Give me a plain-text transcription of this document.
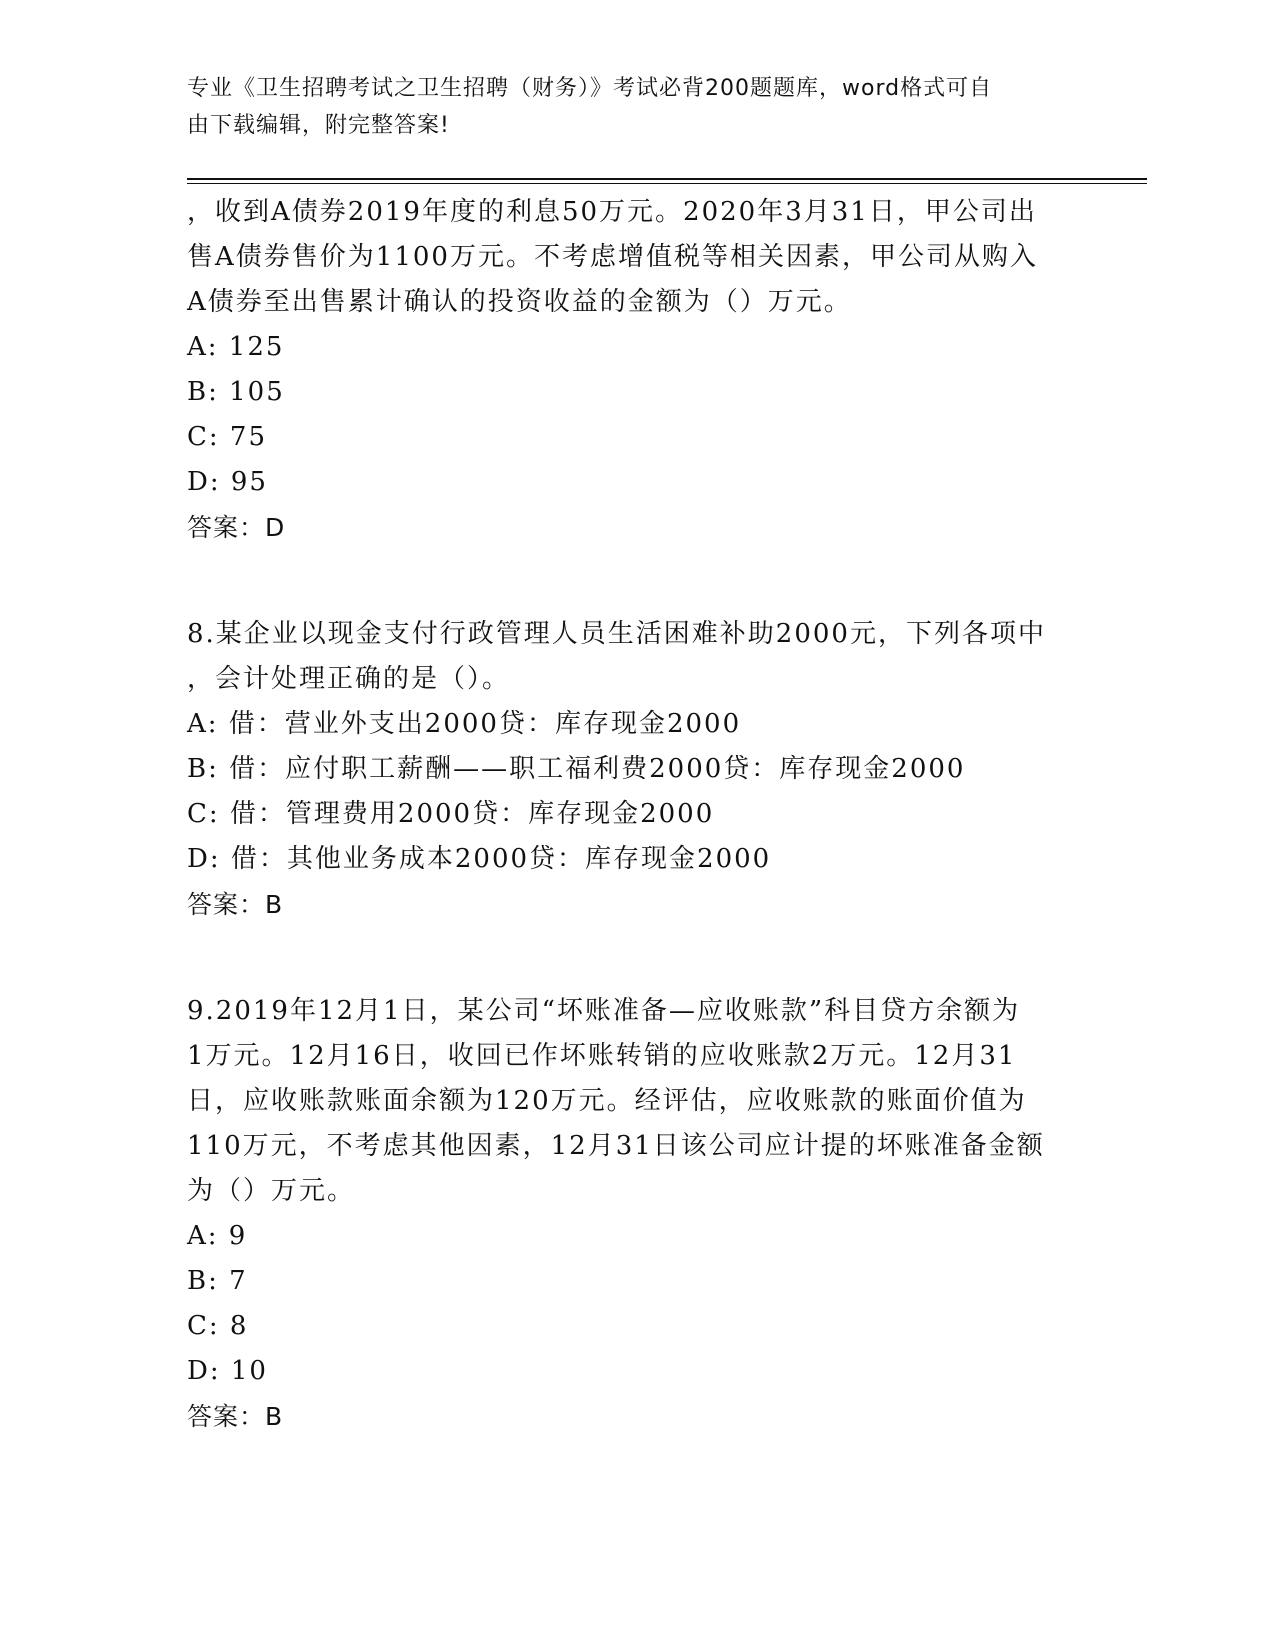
专业《卫生招聘考试之卫生招聘（财务）》考试必背200题题库，word格式可自
由下载编辑，附完整答案!
，收到A债券2019年度的利息50万元。2020年3月31日，甲公司出
售A债券售价为1100万元。不考虑增值税等相关因素，甲公司从购入
A债券至出售累计确认的投资收益的金额为（）万元。
A: 125
B: 105
C: 75
D: 95
答案：D
8.某企业以现金支付行政管理人员生活困难补助2000元，下列各项中
，会计处理正确的是（）。
A: 借：营业外支出2000贷：库存现金2000
B: 借：应付职工薪酬——职工福利费2000贷：库存现金2000
C: 借：管理费用2000贷：库存现金2000
D: 借：其他业务成本2000贷：库存现金2000
答案：B
9.2019年12月1日，某公司“坏账准备—应收账款”科目贷方余额为
1万元。12月16日，收回已作坏账转销的应收账款2万元。12月31
日，应收账款账面余额为120万元。经评估，应收账款的账面价值为
110万元，不考虑其他因素，12月31日该公司应计提的坏账准备金额
为（）万元。
A: 9
B: 7
C: 8
D: 10
答案：B
